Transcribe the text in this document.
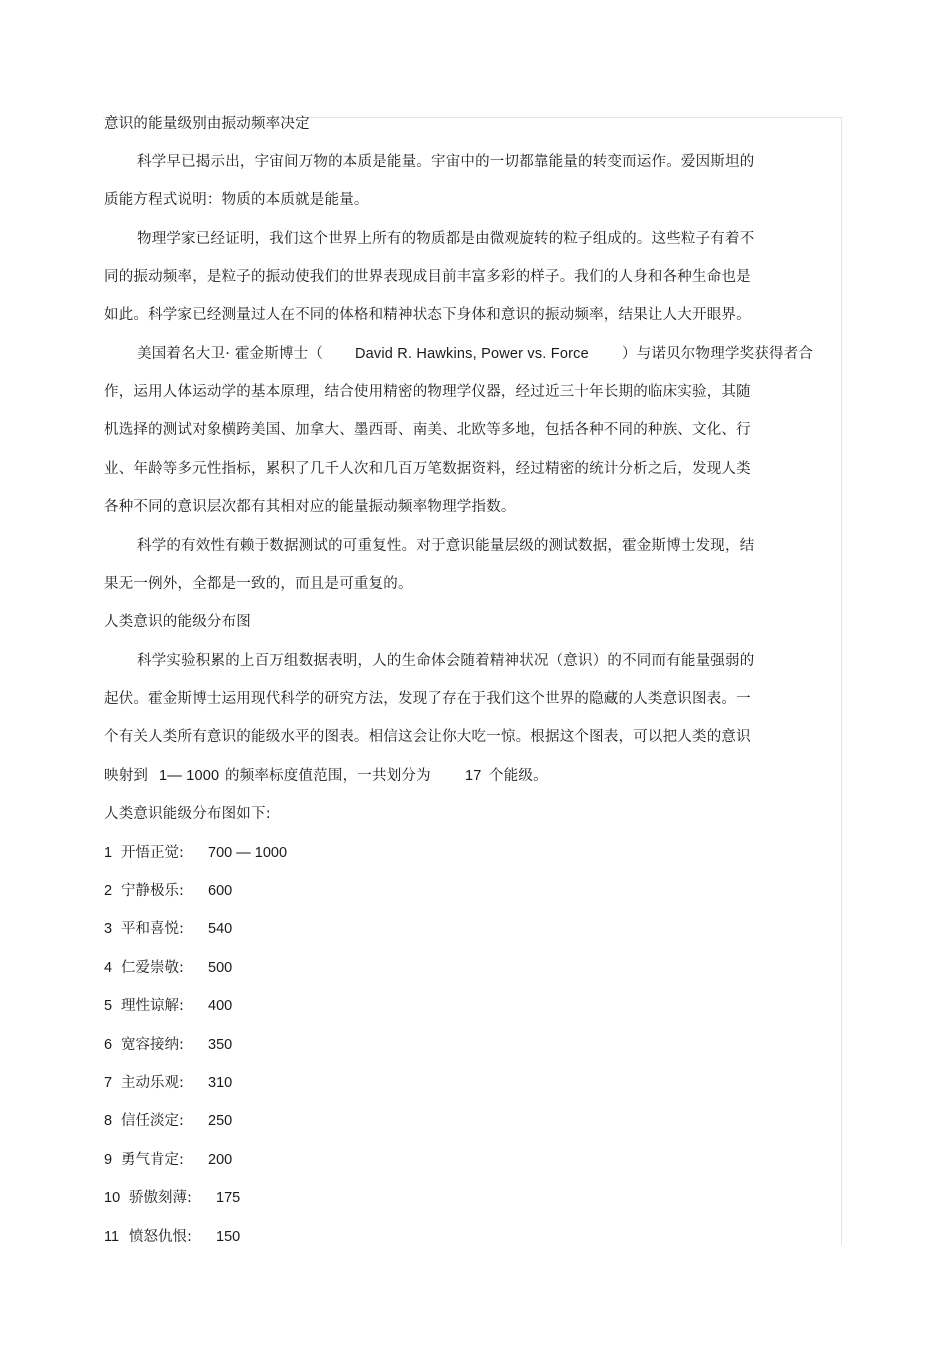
意识的能量级别由振动频率决定
科学早已揭示出，宇宙间万物的本质是能量。宇宙中的一切都靠能量的转变而运作。爱因斯坦的
质能方程式说明：物质的本质就是能量。
物理学家已经证明，我们这个世界上所有的物质都是由微观旋转的粒子组成的。这些粒子有着不
同的振动频率，是粒子的振动使我们的世界表现成目前丰富多彩的样子。我们的人身和各种生命也是
如此。科学家已经测量过人在不同的体格和精神状态下身体和意识的振动频率，结果让人大开眼界。
美国着名大卫· 霍金斯博士（ David R. Hawkins, Power vs. Force ）与诺贝尔物理学奖获得者合
作，运用人体运动学的基本原理，结合使用精密的物理学仪器，经过近三十年长期的临床实验，其随
机选择的测试对象横跨美国、加拿大、墨西哥、南美、北欧等多地，包括各种不同的种族、文化、行
业、年龄等多元性指标，累积了几千人次和几百万笔数据资料，经过精密的统计分析之后，发现人类
各种不同的意识层次都有其相对应的能量振动频率物理学指数。
科学的有效性有赖于数据测试的可重复性。对于意识能量层级的测试数据，霍金斯博士发现，结
果无一例外，全都是一致的，而且是可重复的。
人类意识的能级分布图
科学实验积累的上百万组数据表明，人的生命体会随着精神状况（意识）的不同而有能量强弱的
起伏。霍金斯博士运用现代科学的研究方法，发现了存在于我们这个世界的隐藏的人类意识图表。一
个有关人类所有意识的能级水平的图表。相信这会让你大吃一惊。根据这个图表，可以把人类的意识
映射到 1— 1000 的频率标度值范围，一共划分为 17 个能级。
人类意识能级分布图如下:
1 开悟正觉: 700 — 1000
2 宁静极乐: 600
3 平和喜悦: 540
4 仁爱崇敬: 500
5 理性谅解: 400
6 宽容接纳: 350
7 主动乐观: 310
8 信任淡定: 250
9 勇气肯定: 200
10 骄傲刻薄: 175
11 愤怒仇恨: 150
